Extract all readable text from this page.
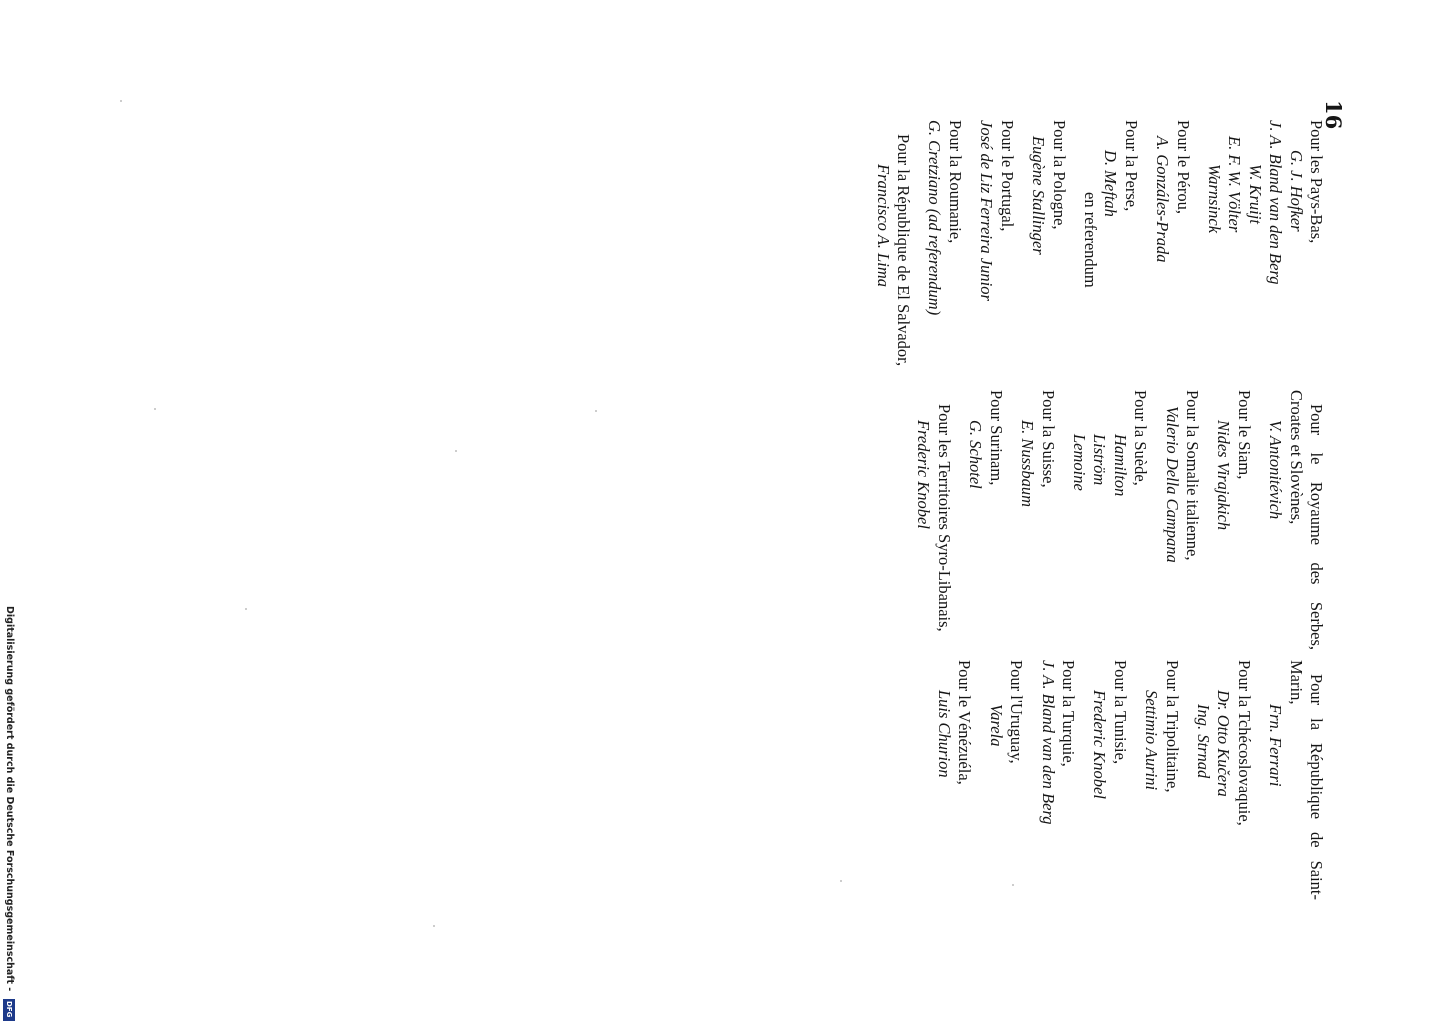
16
Pour les Pays-Bas,
G. J. Hofker
J. A. Bland van den Berg
W. Kruijt
E. F. W. Völter
Warnsinck
Pour le Pérou,
A. Gonzáles-Prada
Pour la Perse,
D. Meftah
en referendum
Pour la Pologne,
Eugène Stallinger
Pour le Portugal,
José de Liz Ferreira Junior
Pour la Roumanie,
G. Cretziano (ad referendum)
Pour la République de El Salvador,
Francisco A. Lima
Pour le Royaume des Serbes, Croates et Slovènes,
V. Antonitévich
Pour le Siam,
Nides Virajakich
Pour la Somalie italienne,
Valerio Della Campana
Pour la Suède,
Hamilton
Liström
Lemoine
Pour la Suisse,
E. Nussbaum
Pour Surinam,
G. Schotel
Pour les Territoires Syro-Libanais,
Frederic Knobel
Pour la République de Saint-Marin,
Frn. Ferrari
Pour la Tchécoslovaquie,
Dr. Otto Kučera
Ing. Strnad
Pour la Tripolitaine,
Settimio Aurini
Pour la Tunisie,
Frederic Knobel
Pour la Turquie,
J. A. Bland van den Berg
Pour l'Uruguay,
Varela
Pour le Vénézuéla,
Luis Churion
Digitalisierung gefördert durch die Deutsche Forschungsgemeinschaft - DFG
